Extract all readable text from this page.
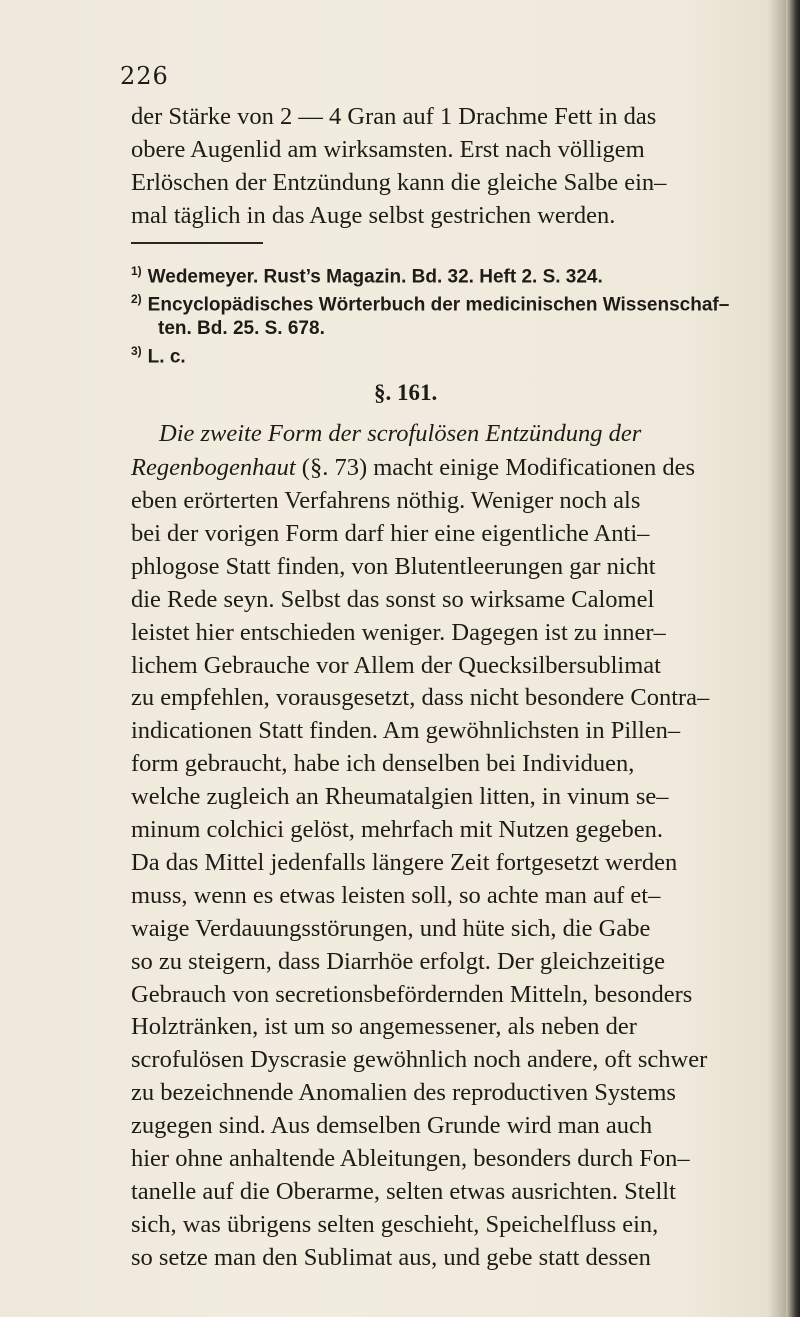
226
der Stärke von 2 — 4 Gran auf 1 Drachme Fett in das
obere Augenlid am wirksamsten. Erst nach völligem
Erlöschen der Entzündung kann die gleiche Salbe ein–
mal täglich in das Auge selbst gestrichen werden.
$^{1)}$ Wedemeyer. Rust’s Magazin. Bd. 32. Heft 2. S. 324.
$^{2)}$ Encyclopädisches Wörterbuch der medicinischen Wissenschaf–
ten. Bd. 25. S. 678.
$^{3)}$ L. c.
§. 161.
Die zweite Form der scrofulösen Entzündung der
Regenbogenhaut (§. 73) macht einige Modificationen des
eben erörterten Verfahrens nöthig. Weniger noch als
bei der vorigen Form darf hier eine eigentliche Anti–
phlogose Statt finden, von Blutentleerungen gar nicht
die Rede seyn. Selbst das sonst so wirksame Calomel
leistet hier entschieden weniger. Dagegen ist zu inner–
lichem Gebrauche vor Allem der Quecksilbersublimat
zu empfehlen, vorausgesetzt, dass nicht besondere Contra–
indicationen Statt finden. Am gewöhnlichsten in Pillen–
form gebraucht, habe ich denselben bei Individuen,
welche zugleich an Rheumatalgien litten, in vinum se–
minum colchici gelöst, mehrfach mit Nutzen gegeben.
Da das Mittel jedenfalls längere Zeit fortgesetzt werden
muss, wenn es etwas leisten soll, so achte man auf et–
waige Verdauungsstörungen, und hüte sich, die Gabe
so zu steigern, dass Diarrhöe erfolgt. Der gleichzeitige
Gebrauch von secretionsbefördernden Mitteln, besonders
Holztränken, ist um so angemessener, als neben der
scrofulösen Dyscrasie gewöhnlich noch andere, oft schwer
zu bezeichnende Anomalien des reproductiven Systems
zugegen sind. Aus demselben Grunde wird man auch
hier ohne anhaltende Ableitungen, besonders durch Fon–
tanelle auf die Oberarme, selten etwas ausrichten. Stellt
sich, was übrigens selten geschieht, Speichelfluss ein,
so setze man den Sublimat aus, und gebe statt dessen
